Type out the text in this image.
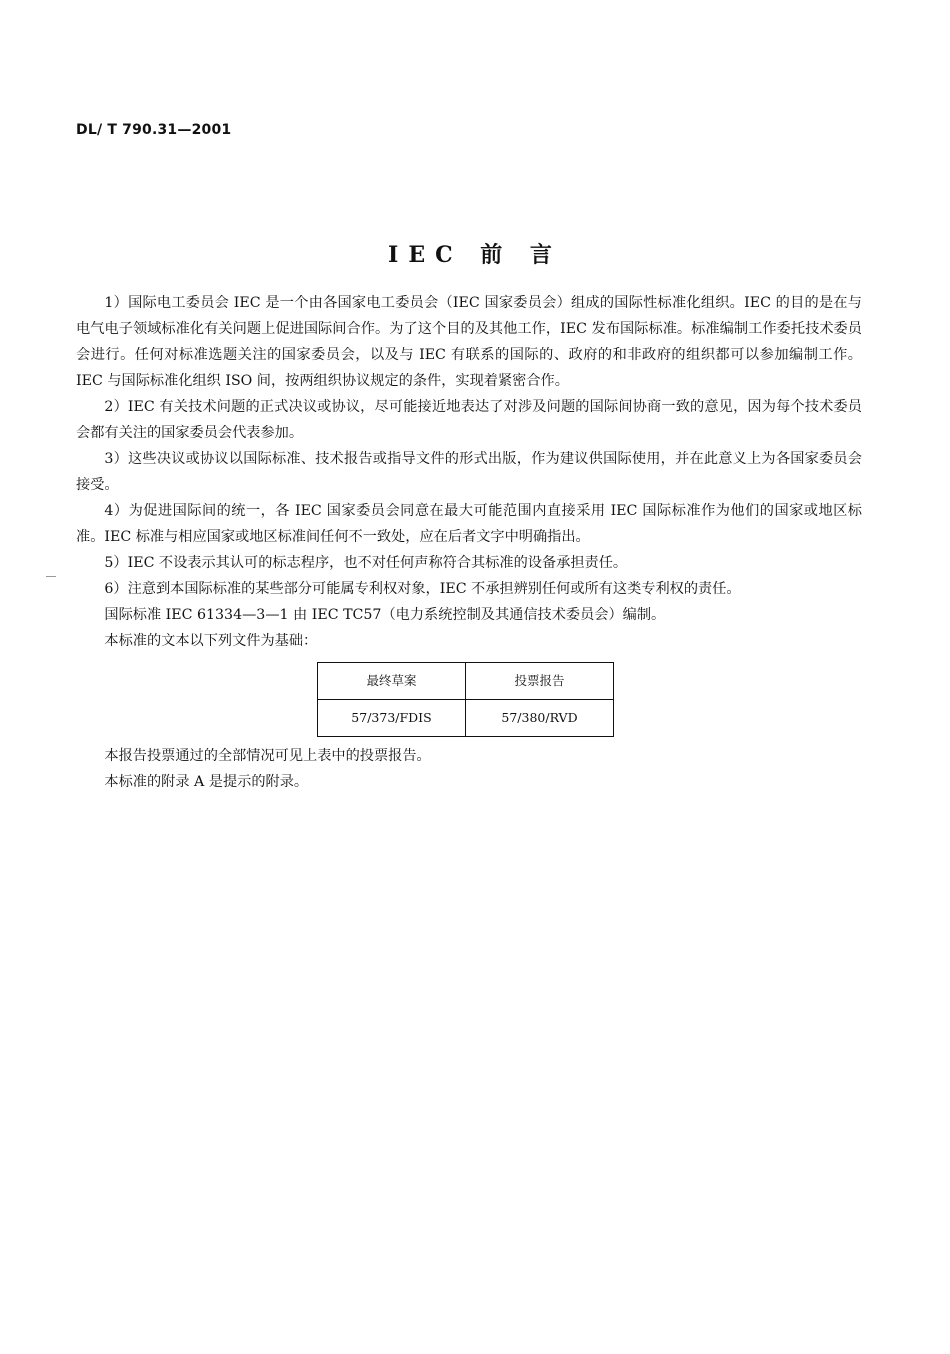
DL/ T 790.31—2001
IEC 前 言

1）国际电工委员会 IEC 是一个由各国家电工委员会（IEC 国家委员会）组成的国际性标准化组织。IEC 的目的是在与电气电子领域标准化有关问题上促进国际间合作。为了这个目的及其他工作，IEC 发布国际标准。标准编制工作委托技术委员会进行。任何对标准选题关注的国家委员会，以及与 IEC 有联系的国际的、政府的和非政府的组织都可以参加编制工作。IEC 与国际标准化组织 ISO 间，按两组织协议规定的条件，实现着紧密合作。

2）IEC 有关技术问题的正式决议或协议，尽可能接近地表达了对涉及问题的国际间协商一致的意见，因为每个技术委员会都有关注的国家委员会代表参加。

3）这些决议或协议以国际标准、技术报告或指导文件的形式出版，作为建议供国际使用，并在此意义上为各国家委员会接受。

4）为促进国际间的统一，各 IEC 国家委员会同意在最大可能范围内直接采用 IEC 国际标准作为他们的国家或地区标准。IEC 标准与相应国家或地区标准间任何不一致处，应在后者文字中明确指出。

5）IEC 不设表示其认可的标志程序，也不对任何声称符合其标准的设备承担责任。

6）注意到本国际标准的某些部分可能属专利权对象，IEC 不承担辨别任何或所有这类专利权的责任。

国际标准 IEC 61334—3—1 由 IEC TC57（电力系统控制及其通信技术委员会）编制。

本标准的文本以下列文件为基础：

最终草案	投票报告
57/373/FDIS	57/380/RVD

本报告投票通过的全部情况可见上表中的投票报告。

本标准的附录 A 是提示的附录。
